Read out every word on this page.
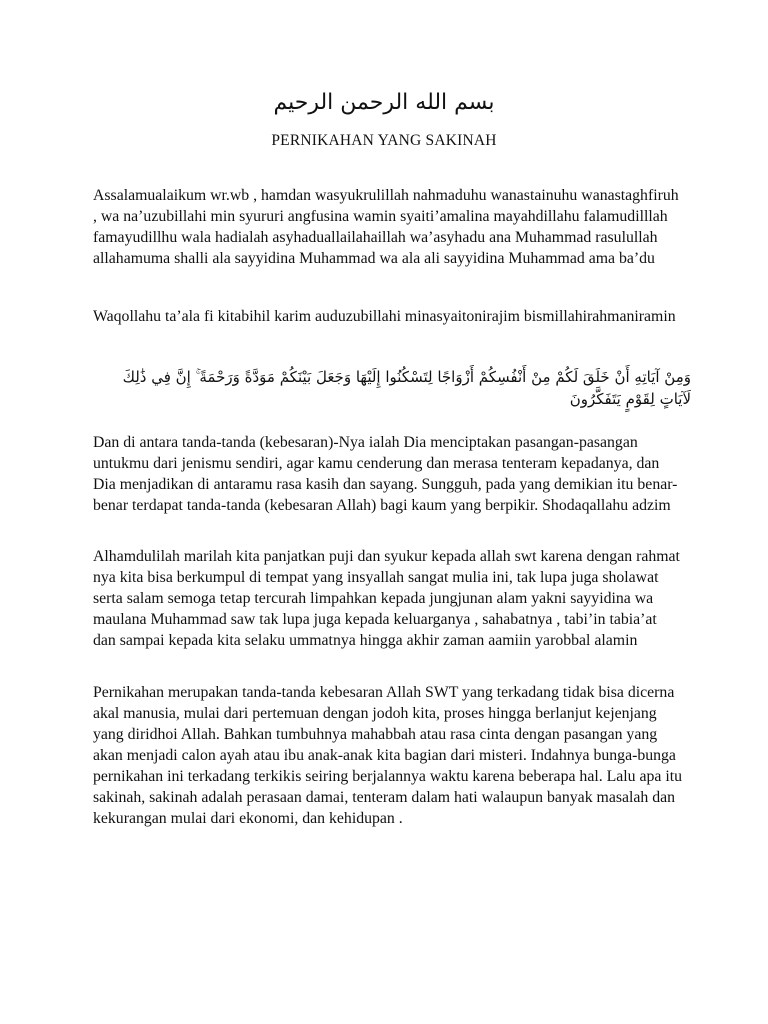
بسم الله الرحمن الرحيم
PERNIKAHAN YANG SAKINAH

Assalamualaikum wr.wb , hamdan wasyukrulillah nahmaduhu wanastainuhu wanastaghfiruh , wa na’uzubillahi min syururi angfusina wamin syaiti’amalina mayahdillahu falamudilllah famayudillhu wala hadialah asyhaduallailahaillah wa’asyhadu ana Muhammad rasulullah allahamuma shalli ala sayyidina Muhammad wa ala ali sayyidina Muhammad ama ba’du

Waqollahu ta’ala fi kitabihil karim auduzubillahi minasyaitonirajim bismillahirahmaniramin

وَمِنْ آيَاتِهِ أَنْ خَلَقَ لَكُمْ مِنْ أَنْفُسِكُمْ أَزْوَاجًا لِتَسْكُنُوا إِلَيْهَا وَجَعَلَ بَيْنَكُمْ مَوَدَّةً وَرَحْمَةً ۚ إِنَّ فِي ذَٰلِكَ لَآيَاتٍ لِقَوْمٍ يَتَفَكَّرُونَ

Dan di antara tanda-tanda (kebesaran)-Nya ialah Dia menciptakan pasangan-pasangan untukmu dari jenismu sendiri, agar kamu cenderung dan merasa tenteram kepadanya, dan Dia menjadikan di antaramu rasa kasih dan sayang. Sungguh, pada yang demikian itu benar-benar terdapat tanda-tanda (kebesaran Allah) bagi kaum yang berpikir. Shodaqallahu adzim

Alhamdulilah marilah kita panjatkan puji dan syukur kepada allah swt karena dengan rahmat nya kita bisa berkumpul di tempat yang insyallah sangat mulia ini, tak lupa juga sholawat serta salam semoga tetap tercurah limpahkan kepada jungjunan alam yakni sayyidina wa maulana Muhammad saw tak lupa juga kepada keluarganya , sahabatnya , tabi’in tabia’at dan sampai kepada kita selaku ummatnya hingga akhir zaman aamiin yarobbal alamin

Pernikahan merupakan tanda-tanda kebesaran Allah SWT yang terkadang tidak bisa dicerna akal manusia, mulai dari pertemuan dengan jodoh kita, proses hingga berlanjut kejenjang yang diridhoi Allah. Bahkan tumbuhnya mahabbah atau rasa cinta dengan pasangan yang akan menjadi calon ayah atau ibu anak-anak kita bagian dari misteri. Indahnya bunga-bunga pernikahan ini terkadang terkikis seiring berjalannya waktu karena beberapa hal. Lalu apa itu sakinah, sakinah adalah perasaan damai, tenteram dalam hati walaupun banyak masalah dan kekurangan mulai dari ekonomi, dan kehidupan .
